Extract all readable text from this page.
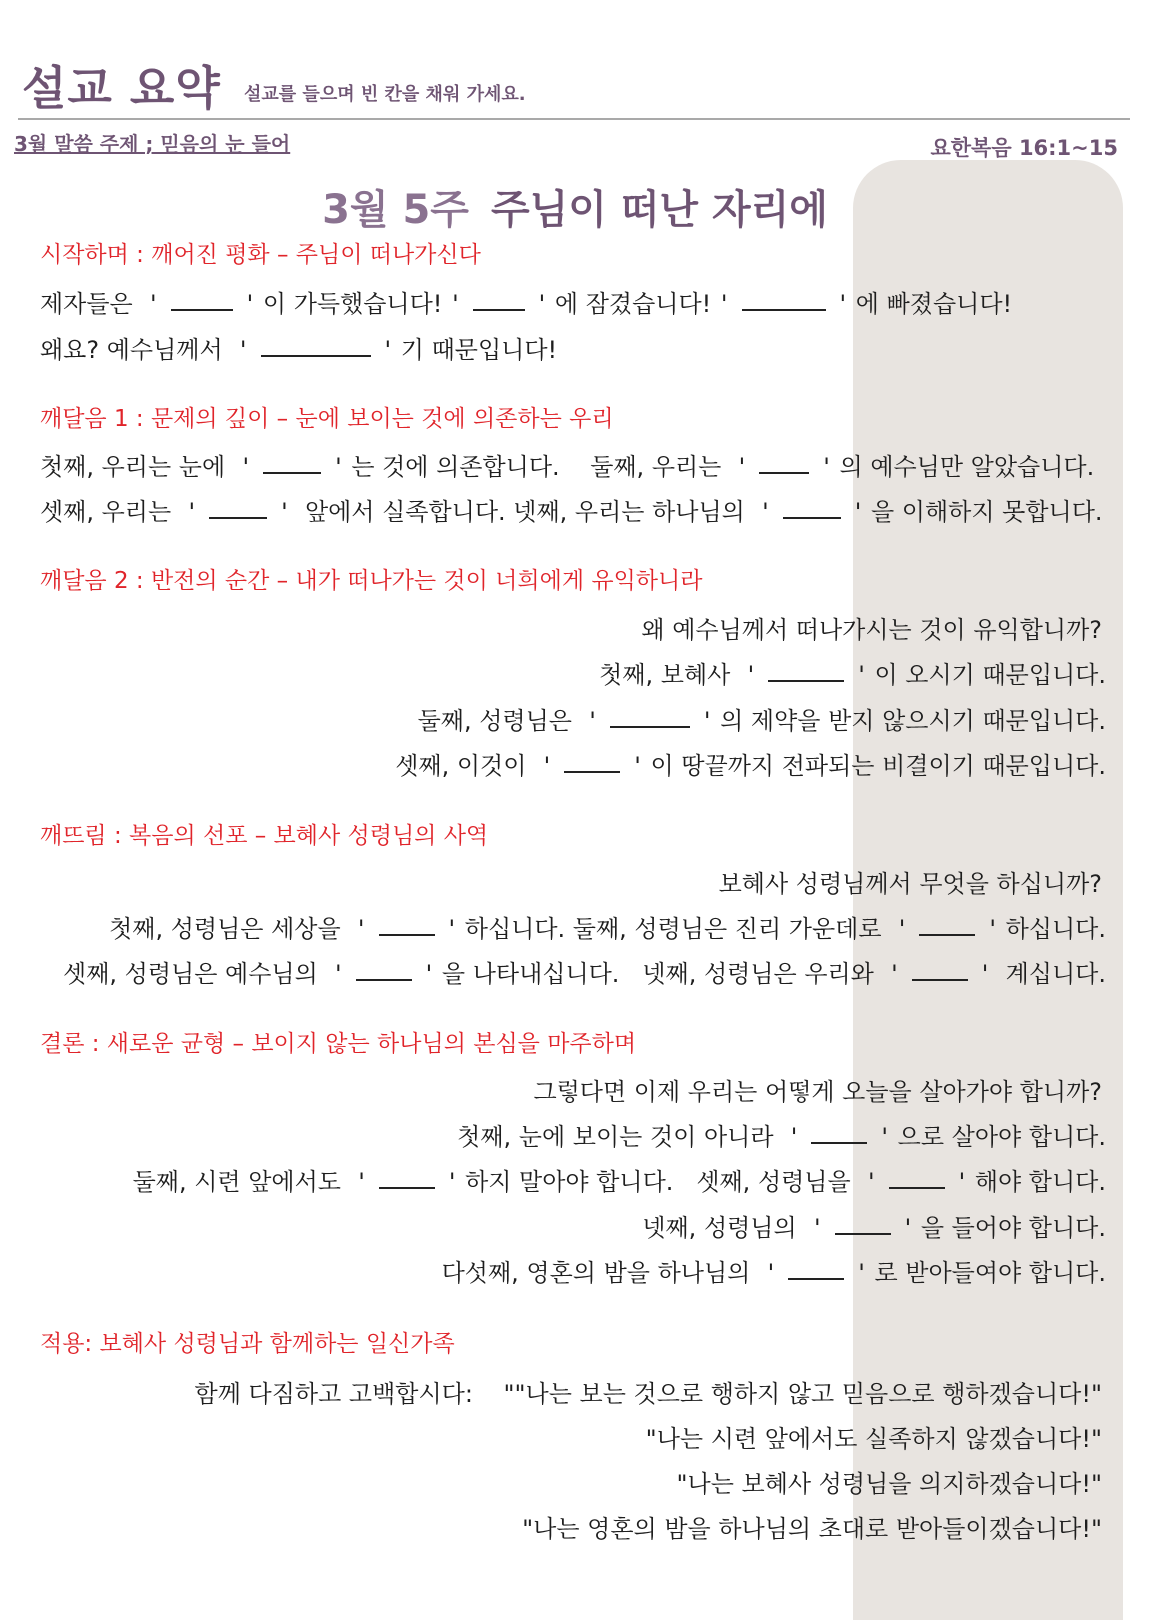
설교 요약 설교를 들으며 빈 칸을 채워 가세요.
3월 말씀 주제 ; 믿음의 눈 들어	요한복음 16:1~15
3월 5주 주님이 떠난 자리에
시작하며 : 깨어진 평화 – 주님이 떠나가신다
제자들은 '	' 이 가득했습니다! '	' 에 잠겼습니다! '	' 에 빠졌습니다!
왜요? 예수님께서 '	' 기 때문입니다!
깨달음 1 : 문제의 깊이 – 눈에 보이는 것에 의존하는 우리
첫째, 우리는 눈에 '	' 는 것에 의존합니다. 둘째, 우리는 '	' 의 예수님만 알았습니다.
셋째, 우리는 '	' 앞에서 실족합니다. 넷째, 우리는 하나님의 '	' 을 이해하지 못합니다.
깨달음 2 : 반전의 순간 – 내가 떠나가는 것이 너희에게 유익하니라
왜 예수님께서 떠나가시는 것이 유익합니까?
첫째, 보혜사 '	' 이 오시기 때문입니다.
둘째, 성령님은 '	' 의 제약을 받지 않으시기 때문입니다.
셋째, 이것이 '	' 이 땅끝까지 전파되는 비결이기 때문입니다.
깨뜨림 : 복음의 선포 – 보혜사 성령님의 사역
보혜사 성령님께서 무엇을 하십니까?
첫째, 성령님은 세상을 '	' 하십니다. 둘째, 성령님은 진리 가운데로 '	' 하십니다.
셋째, 성령님은 예수님의 '	' 을 나타내십니다. 넷째, 성령님은 우리와 '	' 계십니다.
결론 : 새로운 균형 – 보이지 않는 하나님의 본심을 마주하며
그렇다면 이제 우리는 어떻게 오늘을 살아가야 합니까?
첫째, 눈에 보이는 것이 아니라 '	' 으로 살아야 합니다.
둘째, 시련 앞에서도 '	' 하지 말아야 합니다. 셋째, 성령님을 '	' 해야 합니다.
넷째, 성령님의 '	' 을 들어야 합니다.
다섯째, 영혼의 밤을 하나님의 '	' 로 받아들여야 합니다.
적용: 보혜사 성령님과 함께하는 일신가족
함께 다짐하고 고백합시다: ""나는 보는 것으로 행하지 않고 믿음으로 행하겠습니다!"
"나는 시련 앞에서도 실족하지 않겠습니다!"
"나는 보혜사 성령님을 의지하겠습니다!"
"나는 영혼의 밤을 하나님의 초대로 받아들이겠습니다!"
